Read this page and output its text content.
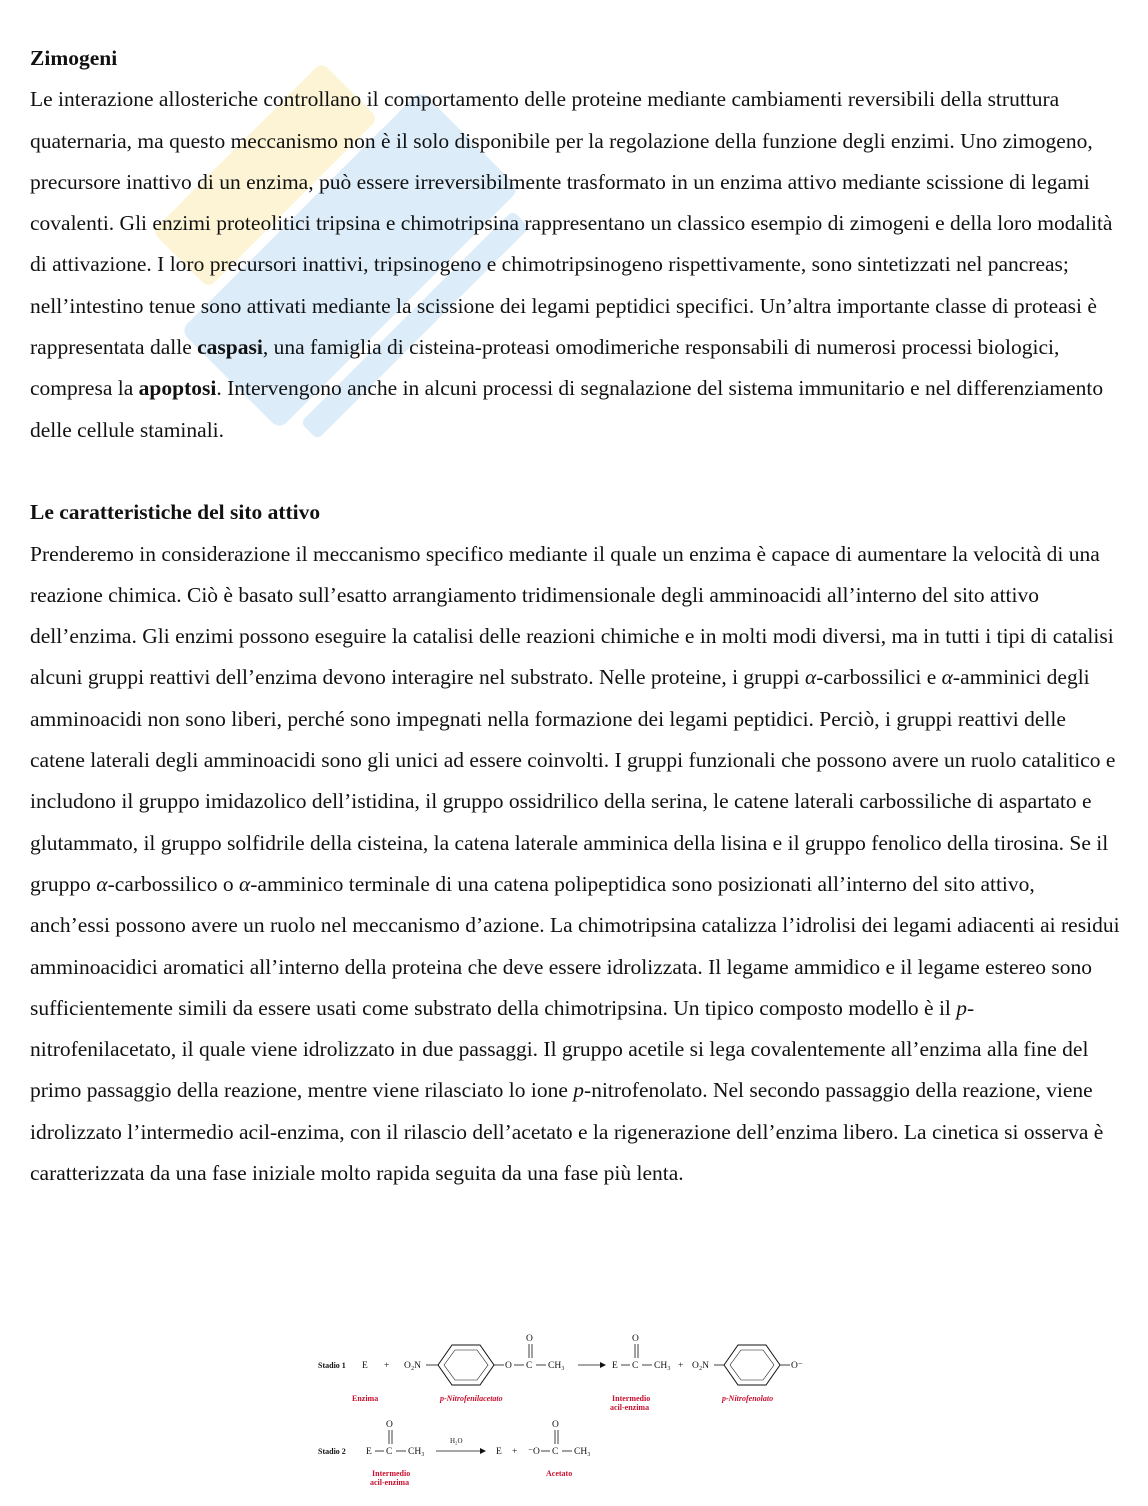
Zimogeni

Le interazione allosteriche controllano il comportamento delle proteine mediante cambiamenti reversibili della struttura quaternaria, ma questo meccanismo non è il solo disponibile per la regolazione della funzione degli enzimi. Uno zimogeno, precursore inattivo di un enzima, può essere irreversibilmente trasformato in un enzima attivo mediante scissione di legami covalenti. Gli enzimi proteolitici tripsina e chimotripsina rappresentano un classico esempio di zimogeni e della loro modalità di attivazione. I loro precursori inattivi, tripsinogeno e chimotripsinogeno rispettivamente, sono sintetizzati nel pancreas; nell’intestino tenue sono attivati mediante la scissione dei legami peptidici specifici. Un’altra importante classe di proteasi è rappresentata dalle caspasi, una famiglia di cisteina-proteasi omodimeriche responsabili di numerosi processi biologici, compresa la apoptosi. Intervengono anche in alcuni processi di segnalazione del sistema immunitario e nel differenziamento delle cellule staminali.

Le caratteristiche del sito attivo

Prenderemo in considerazione il meccanismo specifico mediante il quale un enzima è capace di aumentare la velocità di una reazione chimica. Ciò è basato sull’esatto arrangiamento tridimensionale degli amminoacidi all’interno del sito attivo dell’enzima. Gli enzimi possono eseguire la catalisi delle reazioni chimiche e in molti modi diversi, ma in tutti i tipi di catalisi alcuni gruppi reattivi dell’enzima devono interagire nel substrato. Nelle proteine, i gruppi α-carbossilici e α-amminici degli amminoacidi non sono liberi, perché sono impegnati nella formazione dei legami peptidici. Perciò, i gruppi reattivi delle catene laterali degli amminoacidi sono gli unici ad essere coinvolti. I gruppi funzionali che possono avere un ruolo catalitico e includono il gruppo imidazolico dell’istidina, il gruppo ossidrilico della serina, le catene laterali carbossiliche di aspartato e glutammato, il gruppo solfidrile della cisteina, la catena laterale amminica della lisina e il gruppo fenolico della tirosina. Se il gruppo α-carbossilico o α-amminico terminale di una catena polipeptidica sono posizionati all’interno del sito attivo, anch’essi possono avere un ruolo nel meccanismo d’azione. La chimotripsina catalizza l’idrolisi dei legami adiacenti ai residui amminoacidici aromatici all’interno della proteina che deve essere idrolizzata. Il legame ammidico e il legame estereo sono sufficientemente simili da essere usati come substrato della chimotripsina. Un tipico composto modello è il p-nitrofenilacetato, il quale viene idrolizzato in due passaggi. Il gruppo acetile si lega covalentemente all’enzima alla fine del primo passaggio della reazione, mentre viene rilasciato lo ione p-nitrofenolato. Nel secondo passaggio della reazione, viene idrolizzato l’intermedio acil-enzima, con il rilascio dell’acetato e la rigenerazione dell’enzima libero. La cinetica si osserva è caratterizzata da una fase iniziale molto rapida seguita da una fase più lenta.

Stadio 1 E + O₂N	O C
O
CH₃	E C
O
CH₃ + O₂N	O⁻
Enzima	p-Nitrofenilacetato	Intermedio
acil-enzima
p-Nitrofenolato
Stadio 2 E C
O
CH₃
H₂O
E + ⁻O C
O
CH₃
Intermedio
acil-enzima
Acetato
